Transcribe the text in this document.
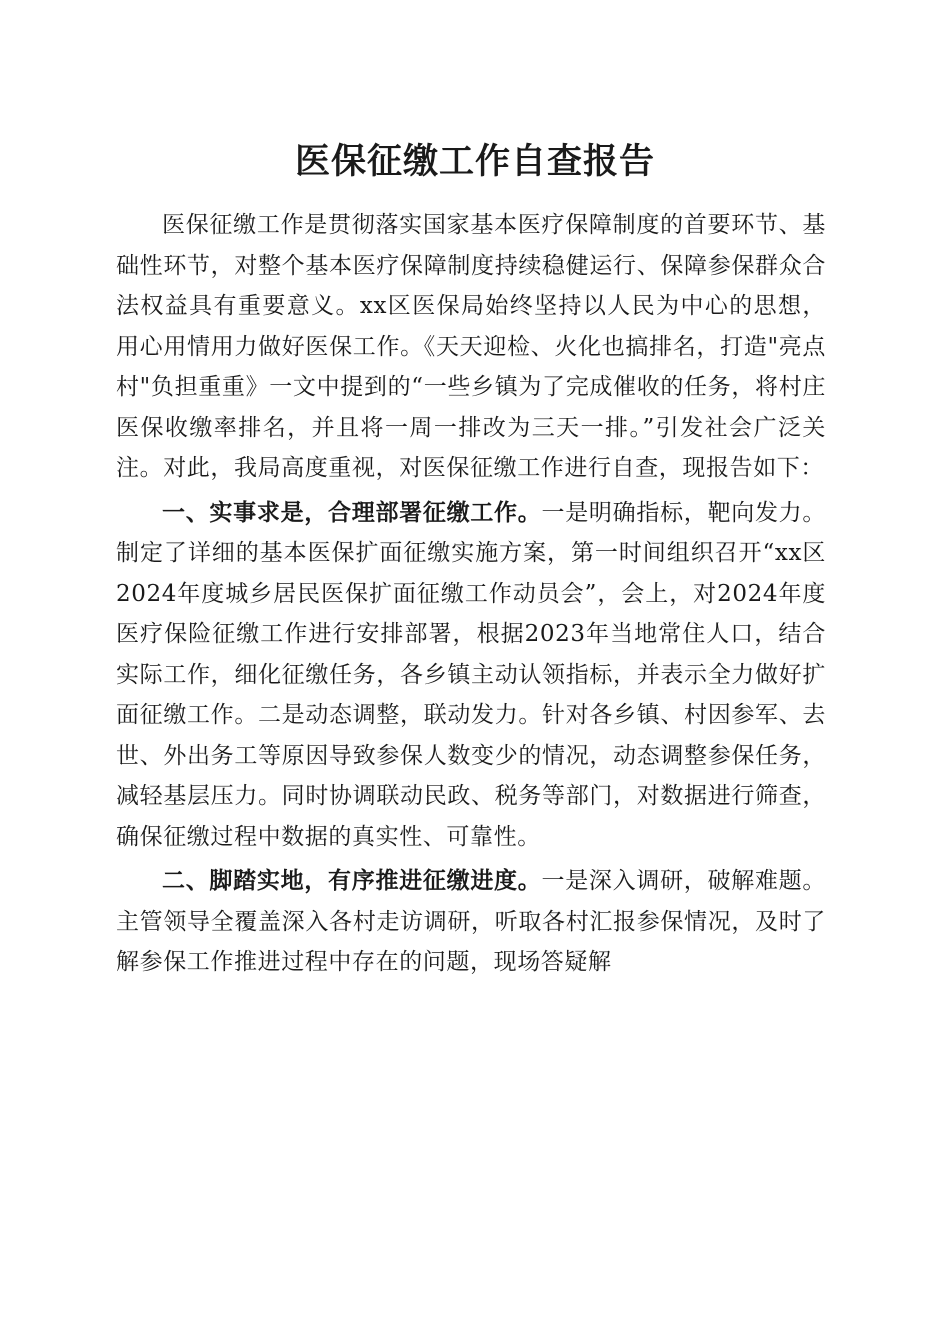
医保征缴工作自查报告

医保征缴工作是贯彻落实国家基本医疗保障制度的首要环节、基础性环节，对整个基本医疗保障制度持续稳健运行、保障参保群众合法权益具有重要意义。xx区医保局始终坚持以人民为中心的思想，用心用情用力做好医保工作。《天天迎检、火化也搞排名，打造"亮点村"负担重重》一文中提到的“一些乡镇为了完成催收的任务，将村庄医保收缴率排名，并且将一周一排改为三天一排。”引发社会广泛关注。对此，我局高度重视，对医保征缴工作进行自查，现报告如下：

一、实事求是，合理部署征缴工作。一是明确指标，靶向发力。制定了详细的基本医保扩面征缴实施方案，第一时间组织召开“xx区2024年度城乡居民医保扩面征缴工作动员会”，会上，对2024年度医疗保险征缴工作进行安排部署，根据2023年当地常住人口，结合实际工作，细化征缴任务，各乡镇主动认领指标，并表示全力做好扩面征缴工作。二是动态调整，联动发力。针对各乡镇、村因参军、去世、外出务工等原因导致参保人数变少的情况，动态调整参保任务，减轻基层压力。同时协调联动民政、税务等部门，对数据进行筛查，确保征缴过程中数据的真实性、可靠性。

二、脚踏实地，有序推进征缴进度。一是深入调研，破解难题。主管领导全覆盖深入各村走访调研，听取各村汇报参保情况，及时了解参保工作推进过程中存在的问题，现场答疑解
